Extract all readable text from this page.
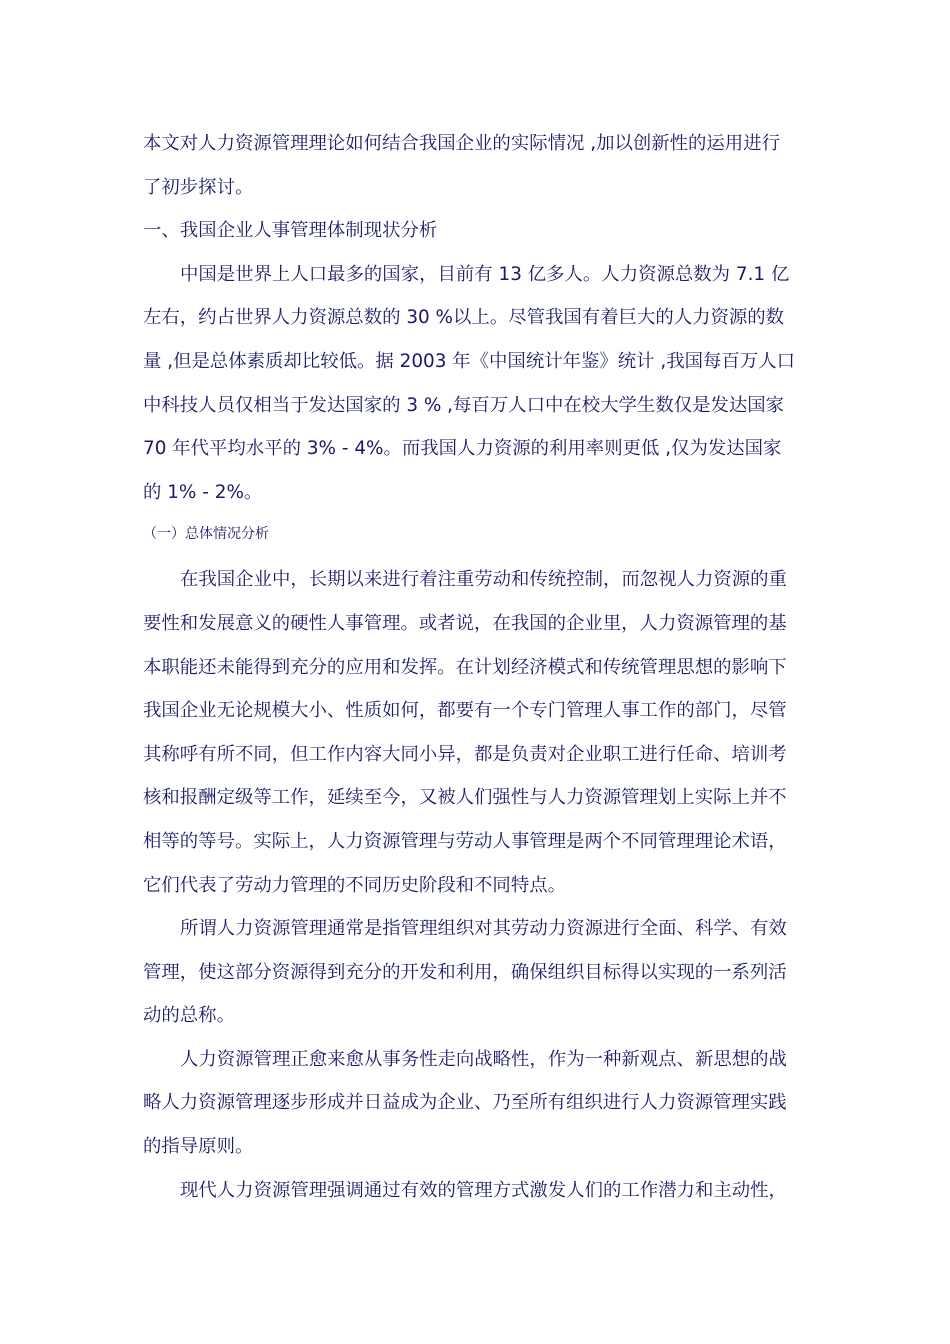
本文对人力资源管理理论如何结合我国企业的实际情况 ,加以创新性的运用进行
了初步探讨。
一、我国企业人事管理体制现状分析
中国是世界上人口最多的国家，目前有 13 亿多人。人力资源总数为 7.1 亿
左右，约占世界人力资源总数的 30 %以上。尽管我国有着巨大的人力资源的数
量 ,但是总体素质却比较低。据 2003 年《中国统计年鉴》统计 ,我国每百万人口
中科技人员仅相当于发达国家的 3 % ,每百万人口中在校大学生数仅是发达国家
70 年代平均水平的 3% - 4%。而我国人力资源的利用率则更低 ,仅为发达国家
的 1% - 2%。
（一）总体情况分析
在我国企业中，长期以来进行着注重劳动和传统控制，而忽视人力资源的重
要性和发展意义的硬性人事管理。或者说，在我国的企业里，人力资源管理的基
本职能还未能得到充分的应用和发挥。在计划经济模式和传统管理思想的影响下
我国企业无论规模大小、性质如何，都要有一个专门管理人事工作的部门，尽管
其称呼有所不同，但工作内容大同小异，都是负责对企业职工进行任命、培训考
核和报酬定级等工作，延续至今，又被人们强性与人力资源管理划上实际上并不
相等的等号。实际上，人力资源管理与劳动人事管理是两个不同管理理论术语，
它们代表了劳动力管理的不同历史阶段和不同特点。
所谓人力资源管理通常是指管理组织对其劳动力资源进行全面、科学、有效
管理，使这部分资源得到充分的开发和利用，确保组织目标得以实现的一系列活
动的总称。
人力资源管理正愈来愈从事务性走向战略性，作为一种新观点、新思想的战
略人力资源管理逐步形成并日益成为企业、乃至所有组织进行人力资源管理实践
的指导原则。
现代人力资源管理强调通过有效的管理方式激发人们的工作潜力和主动性，
